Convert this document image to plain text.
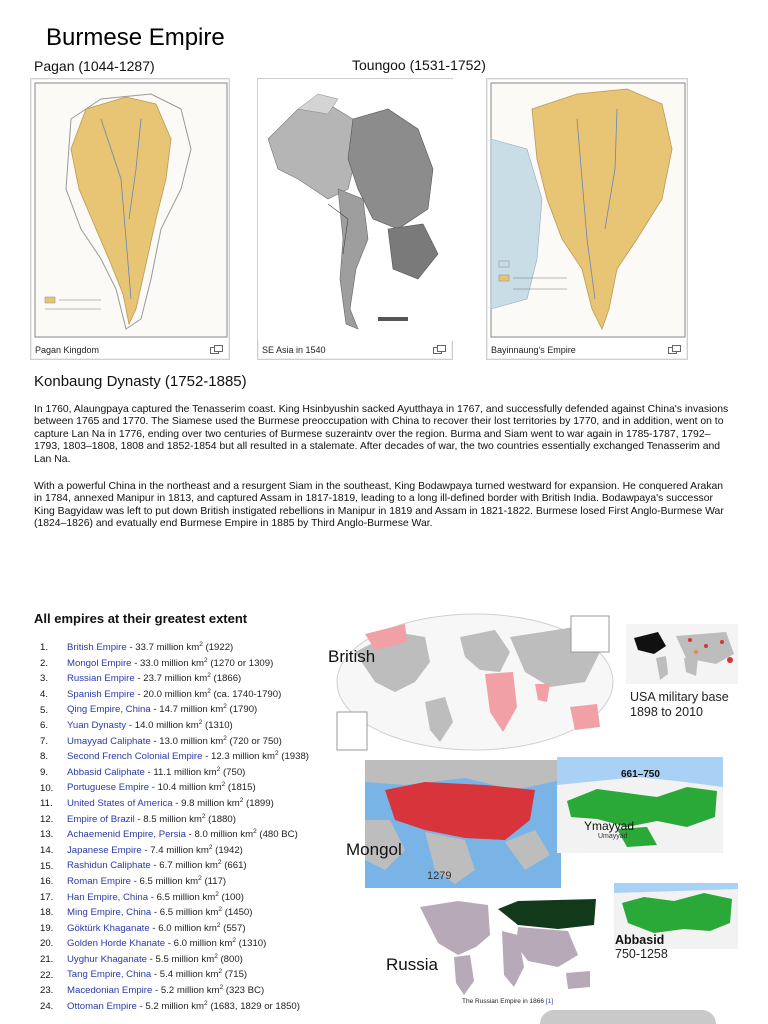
Burmese Empire
Pagan (1044-1287)	Toungoo (1531-1752)
Pagan Kingdom	SE Asia in 1540	Bayinnaung's Empire
Konbaung Dynasty (1752-1885)

In 1760, Alaungpaya captured the Tenasserim coast. King Hsinbyushin sacked Ayutthaya in 1767, and successfully defended against China's invasions between 1765 and 1770. The Siamese used the Burmese preoccupation with China to recover their lost territories by 1770, and in addition, went on to capture Lan Na in 1776, ending over two centuries of Burmese suzeraintv over the region. Burma and Siam went to war again in 1785-1787, 1792–1793, 1803–1808, 1808 and 1852-1854 but all resulted in a stalemate. After decades of war, the two countries essentially exchanged Tenasserim and Lan Na.

With a powerful China in the northeast and a resurgent Siam in the southeast, King Bodawpaya turned westward for expansion. He conquered Arakan in 1784, annexed Manipur in 1813, and captured Assam in 1817-1819, leading to a long ill-defined border with British India. Bodawpaya's successor King Bagyidaw was left to put down British instigated rebellions in Manipur in 1819 and Assam in 1821-1822. Burmese losed First Anglo-Burmese War (1824–1826) and evatually end Burmese Empire in 1885 by Third Anglo-Burmese War.

All empires at their greatest extent
1. British Empire - 33.7 million $km^2$ (1922)
2. Mongol Empire - 33.0 million $km^2$ (1270 or 1309)
3. Russian Empire - 23.7 million $km^2$ (1866)
4. Spanish Empire - 20.0 million $km^2$ (ca. 1740-1790)
5. Qing Empire, China - 14.7 million $km^2$ (1790)
6. Yuan Dynasty - 14.0 million $km^2$ (1310)
7. Umayyad Caliphate - 13.0 million $km^2$ (720 or 750)
8. Second French Colonial Empire - 12.3 million $km^2$ (1938)
9. Abbasid Caliphate - 11.1 million $km^2$ (750)
10. Portuguese Empire - 10.4 million $km^2$ (1815)
11. United States of America - 9.8 million $km^2$ (1899)
12. Empire of Brazil - 8.5 million $km^2$ (1880)
13. Achaemenid Empire, Persia - 8.0 million $km^2$ (480 BC)
14. Japanese Empire - 7.4 million $km^2$ (1942)
15. Rashidun Caliphate - 6.7 million $km^2$ (661)
16. Roman Empire - 6.5 million $km^2$ (117)
17. Han Empire, China - 6.5 million $km^2$ (100)
18. Ming Empire, China - 6.5 million $km^2$ (1450)
19. Göktürk Khaganate - 6.0 million $km^2$ (557)
20. Golden Horde Khanate - 6.0 million $km^2$ (1310)
21. Uyghur Khaganate - 5.5 million $km^2$ (800)
22. Tang Empire, China - 5.4 million $km^2$ (715)
23. Macedonian Empire - 5.2 million $km^2$ (323 BC)
24. Ottoman Empire - 5.2 million $km^2$ (1683, 1829 or 1850)
British
USA military base
1898 to 2010
1279
Mongol
661–750
Ymayyad
Umayyad
The Russian Empire in 1866 [1]
Russia
Abbasid
750-1258
